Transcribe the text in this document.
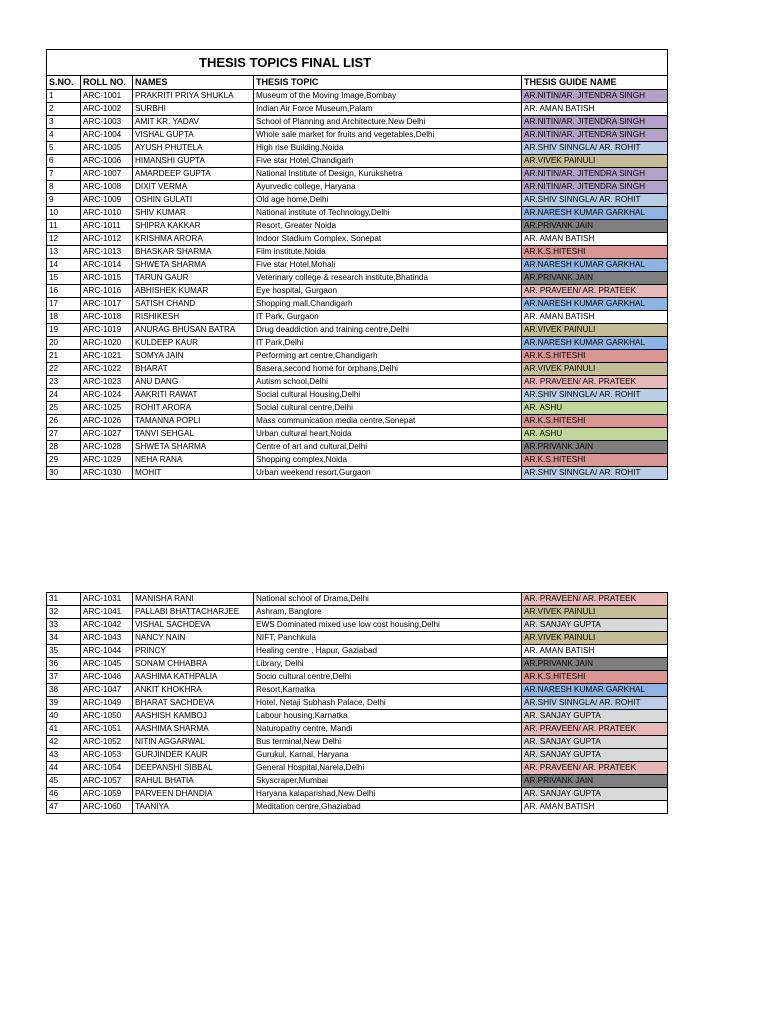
THESIS TOPICS FINAL LIST				
S.NO.	ROLL NO.	NAMES	THESIS TOPIC	THESIS GUIDE NAME
1	ARC-1001	PRAKRITI PRIYA SHUKLA	Museum of the Moving Image,Bombay	AR.NITIN/AR. JITENDRA SINGH
2	ARC-1002	SURBHI	Indian Air Force Museum,Palam	AR. AMAN BATISH
3	ARC-1003	AMIT KR. YADAV	School of Planning and Architecture,New Delhi	AR.NITIN/AR. JITENDRA SINGH
4	ARC-1004	VISHAL GUPTA	Whole sale market for fruits and vegetables,Delhi	AR.NITIN/AR. JITENDRA SINGH
5	ARC-1005	AYUSH PHUTELA	High rise Building,Noida	AR.SHIV SINNGLA/ AR. ROHIT
6	ARC-1006	HIMANSHI GUPTA	Five star Hotel,Chandigarh	AR.VIVEK PAINULI
7	ARC-1007	AMARDEEP GUPTA	National Institute of Design, Kurukshetra	AR.NITIN/AR. JITENDRA SINGH
8	ARC-1008	DIXIT VERMA	Ayurvedic college, Haryana	AR.NITIN/AR. JITENDRA SINGH
9	ARC-1009	OSHIN GULATI	Old age home,Delhi	AR.SHIV SINNGLA/ AR. ROHIT
10	ARC-1010	SHIV KUMAR	National institute of Technology,Delhi	AR.NARESH KUMAR GARKHAL
11	ARC-1011	SHIPRA KAKKAR	Resort, Greater Noida	AR.PRIVANK JAIN
12	ARC-1012	KRISHMA ARORA	Indoor Stadium Complex, Sonepat	AR. AMAN BATISH
13	ARC-1013	BHASKAR SHARMA	Film institute,Noida	AR.K.S.HITESHI
14	ARC-1014	SHWETA SHARMA	Five star Hotel,Mohali	AR.NARESH KUMAR GARKHAL
15	ARC-1015	TARUN GAUR	Veterinary college & research institute,Bhatinda	AR.PRIVANK JAIN
16	ARC-1016	ABHISHEK KUMAR	Eye hospital, Gurgaon	AR. PRAVEEN/ AR. PRATEEK
17	ARC-1017	SATISH CHAND	Shopping mall,Chandigarh	AR.NARESH KUMAR GARKHAL
18	ARC-1018	RISHIKESH	IT Park, Gurgaon	AR. AMAN BATISH
19	ARC-1019	ANURAG BHUSAN BATRA	Drug deaddiction and training centre,Delhi	AR.VIVEK PAINULI
20	ARC-1020	KULDEEP KAUR	IT Park,Delhi	AR.NARESH KUMAR GARKHAL
21	ARC-1021	SOMYA JAIN	Performing art centre,Chandigarh	AR.K.S.HITESHI
22	ARC-1022	BHARAT	Basera,second home for orphans,Delhi	AR.VIVEK PAINULI
23	ARC-1023	ANU DANG	Autism school,Delhi	AR. PRAVEEN/ AR. PRATEEK
24	ARC-1024	AAKRITI RAWAT	Social cultural Housing,Delhi	AR.SHIV SINNGLA/ AR. ROHIT
25	ARC-1025	ROHIT ARORA	Social cultural centre,Delhi	AR. ASHU
26	ARC-1026	TAMANNA POPLI	Mass communication media centre,Sonepat	AR.K.S.HITESHI
27	ARC-1027	TANVI SEHGAL	Urban cultural heart,Noida	AR. ASHU
28	ARC-1028	SHWETA SHARMA	Centre of art and cultural,Delhi	AR.PRIVANK JAIN
29	ARC-1029	NEHA RANA	Shopping complex,Noida	AR.K.S.HITESHI
30	ARC-1030	MOHIT	Urban weekend resort,Gurgaon	AR.SHIV SINNGLA/ AR. ROHIT
31	ARC-1031	MANISHA RANI	National school of Drama,Delhi	AR. PRAVEEN/ AR. PRATEEK
32	ARC-1041	PALLABI BHATTACHARJEE	Ashram, Banglore	AR.VIVEK PAINULI
33	ARC-1042	VISHAL SACHDEVA	EWS Dominated mixed use low cost housing,Delhi	AR. SANJAY GUPTA
34	ARC-1043	NANCY NAIN	NIFT, Panchkula	AR.VIVEK PAINULI
35	ARC-1044	PRINCY	Healing centre , Hapur, Gaziabad	AR. AMAN BATISH
36	ARC-1045	SONAM CHHABRA	Library, Delhi	AR.PRIVANK JAIN
37	ARC-1046	AASHIMA KATHPALIA	Socio cultural centre,Delhi	AR.K.S.HITESHI
38	ARC-1047	ANKIT KHOKHRA	Resort,Karnatka	AR.NARESH KUMAR GARKHAL
39	ARC-1049	BHARAT SACHDEVA	Hotel, Netaji Subhash Palace, Delhi	AR.SHIV SINNGLA/ AR. ROHIT
40	ARC-1050	AASHISH KAMBOJ	Labour housing,Karnatka	AR. SANJAY GUPTA
41	ARC-1051	AASHIMA SHARMA	Naturopathy centre, Mandi	AR. PRAVEEN/ AR. PRATEEK
42	ARC-1052	NITIN AGGARWAL	Bus terminal,New Delhi	AR. SANJAY GUPTA
43	ARC-1053	GURJINDER KAUR	Gurukul, Karnal, Haryana	AR. SANJAY GUPTA
44	ARC-1054	DEEPANSHI SIBBAL	General Hospital,Narela,Delhi	AR. PRAVEEN/ AR. PRATEEK
45	ARC-1057	RAHUL BHATIA	Skyscraper,Mumbai	AR.PRIVANK JAIN
46	ARC-1059	PARVEEN DHANDIA	Haryana kalaparishad,New Delhi	AR. SANJAY GUPTA
47	ARC-1060	TAANIYA	Meditation centre,Ghaziabad	AR. AMAN BATISH
